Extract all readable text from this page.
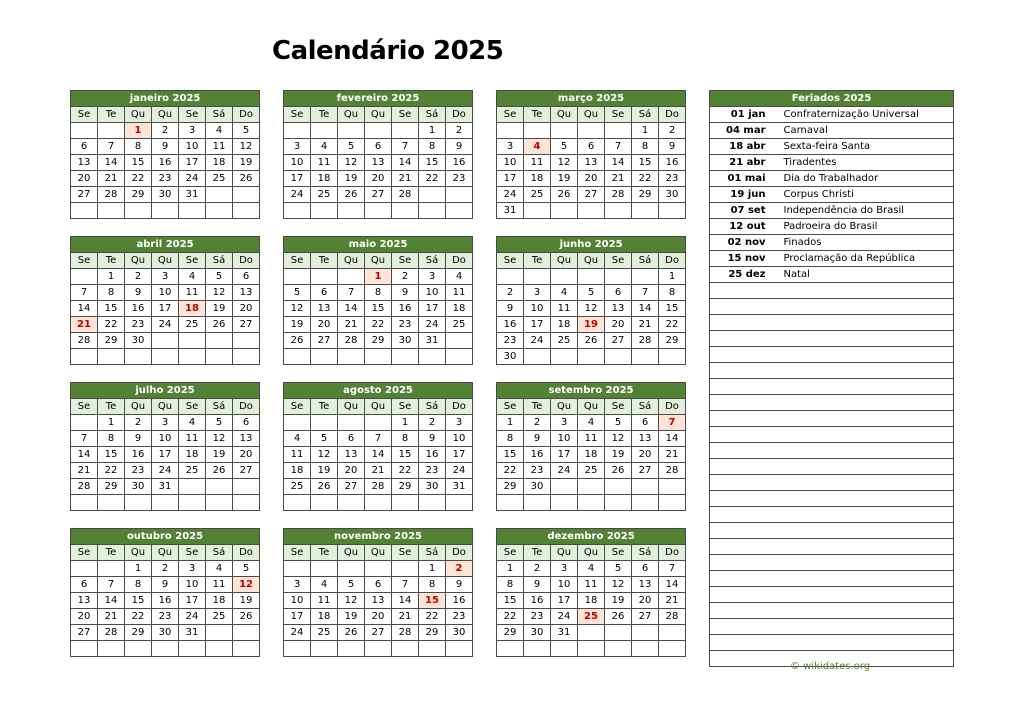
Calendário 2025
janeiro 2025						
Se	Te	Qu	Qu	Se	Sá	Do
		1	2	3	4	5
6	7	8	9	10	11	12
13	14	15	16	17	18	19
20	21	22	23	24	25	26
27	28	29	30	31		

fevereiro 2025						
Se	Te	Qu	Qu	Se	Sá	Do
					1	2
3	4	5	6	7	8	9
10	11	12	13	14	15	16
17	18	19	20	21	22	23
24	25	26	27	28		

março 2025						
Se	Te	Qu	Qu	Se	Sá	Do
					1	2
3	4	5	6	7	8	9
10	11	12	13	14	15	16
17	18	19	20	21	22	23
24	25	26	27	28	29	30
31						
abril 2025						
Se	Te	Qu	Qu	Se	Sá	Do
	1	2	3	4	5	6
7	8	9	10	11	12	13
14	15	16	17	18	19	20
21	22	23	24	25	26	27
28	29	30				

maio 2025						
Se	Te	Qu	Qu	Se	Sá	Do
			1	2	3	4
5	6	7	8	9	10	11
12	13	14	15	16	17	18
19	20	21	22	23	24	25
26	27	28	29	30	31	

junho 2025						
Se	Te	Qu	Qu	Se	Sá	Do
						1
2	3	4	5	6	7	8
9	10	11	12	13	14	15
16	17	18	19	20	21	22
23	24	25	26	27	28	29
30						
julho 2025						
Se	Te	Qu	Qu	Se	Sá	Do
	1	2	3	4	5	6
7	8	9	10	11	12	13
14	15	16	17	18	19	20
21	22	23	24	25	26	27
28	29	30	31			

agosto 2025						
Se	Te	Qu	Qu	Se	Sá	Do
				1	2	3
4	5	6	7	8	9	10
11	12	13	14	15	16	17
18	19	20	21	22	23	24
25	26	27	28	29	30	31

setembro 2025						
Se	Te	Qu	Qu	Se	Sá	Do
1	2	3	4	5	6	7
8	9	10	11	12	13	14
15	16	17	18	19	20	21
22	23	24	25	26	27	28
29	30					

outubro 2025						
Se	Te	Qu	Qu	Se	Sá	Do
		1	2	3	4	5
6	7	8	9	10	11	12
13	14	15	16	17	18	19
20	21	22	23	24	25	26
27	28	29	30	31		

novembro 2025						
Se	Te	Qu	Qu	Se	Sá	Do
					1	2
3	4	5	6	7	8	9
10	11	12	13	14	15	16
17	18	19	20	21	22	23
24	25	26	27	28	29	30

dezembro 2025						
Se	Te	Qu	Qu	Se	Sá	Do
1	2	3	4	5	6	7
8	9	10	11	12	13	14
15	16	17	18	19	20	21
22	23	24	25	26	27	28
29	30	31				

Feriados 2025	
01 jan	Confraternização Universal
04 mar	Carnaval
18 abr	Sexta-feira Santa
21 abr	Tiradentes
01 mai	Dia do Trabalhador
19 jun	Corpus Christi
07 set	Independência do Brasil
12 out	Padroeira do Brasil
02 nov	Finados
15 nov	Proclamação da República
25 dez	Natal

© wikidates.org
